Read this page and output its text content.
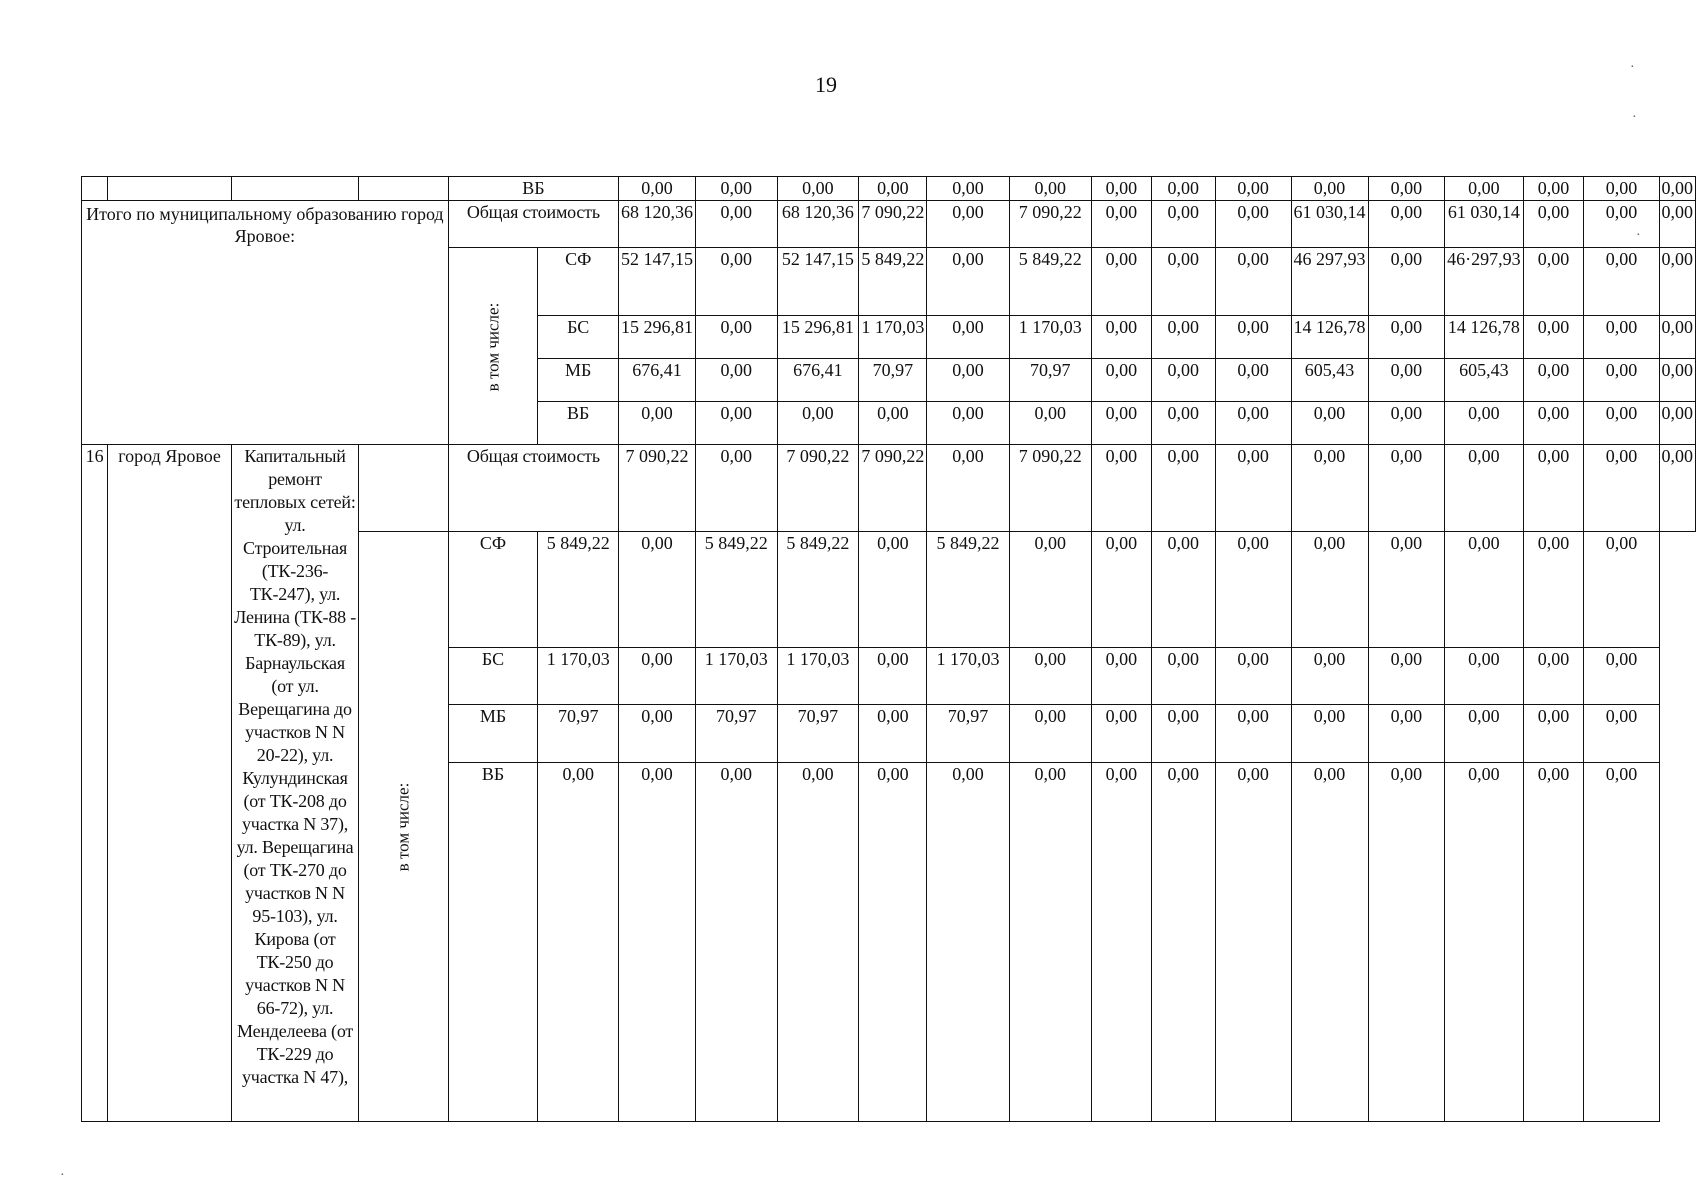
19
				ВБ		0,00	0,00	0,00	0,00	0,00	0,00	0,00	0,00	0,00	0,00	0,00	0,00	0,00	0,00	0,00
Итого по муниципальному образованию город Яровое:				Общая стоимость		68 120,36	0,00	68 120,36	7 090,22	0,00	7 090,22	0,00	0,00	0,00	61 030,14	0,00	61 030,14	0,00	0,00	0,00
				в том числе:	СФ	52 147,15	0,00	52 147,15	5 849,22	0,00	5 849,22	0,00	0,00	0,00	46 297,93	0,00	46·297,93	0,00	0,00	0,00
					БС	15 296,81	0,00	15 296,81	1 170,03	0,00	1 170,03	0,00	0,00	0,00	14 126,78	0,00	14 126,78	0,00	0,00	0,00
					МБ	676,41	0,00	676,41	70,97	0,00	70,97	0,00	0,00	0,00	605,43	0,00	605,43	0,00	0,00	0,00
					ВБ	0,00	0,00	0,00	0,00	0,00	0,00	0,00	0,00	0,00	0,00	0,00	0,00	0,00	0,00	0,00
16	город Яровое	Капитальный ремонт тепловых сетей: ул. Строительная (ТК-236-ТК-247), ул. Ленина (ТК-88 - ТК-89), ул. Барнаульская (от ул. Верещагина до участков N N 20-22), ул. Кулундинская (от ТК-208 до участка N 37), ул. Верещагина (от ТК-270 до участков N N 95-103), ул. Кирова (от ТК-250 до участков N N 66-72), ул. Менделеева (от ТК-229 до участка N 47),		Общая стоимость		7 090,22	0,00	7 090,22	7 090,22	0,00	7 090,22	0,00	0,00	0,00	0,00	0,00	0,00	0,00	0,00	0,00
			в том числе:	СФ	5 849,22	0,00	5 849,22	5 849,22	0,00	5 849,22	0,00	0,00	0,00	0,00	0,00	0,00	0,00	0,00	0,00	
				БС	1 170,03	0,00	1 170,03	1 170,03	0,00	1 170,03	0,00	0,00	0,00	0,00	0,00	0,00	0,00	0,00	0,00	
				МБ	70,97	0,00	70,97	70,97	0,00	70,97	0,00	0,00	0,00	0,00	0,00	0,00	0,00	0,00	0,00	
				ВБ	0,00	0,00	0,00	0,00	0,00	0,00	0,00	0,00	0,00	0,00	0,00	0,00	0,00	0,00	0,00	
·
·
·
·
